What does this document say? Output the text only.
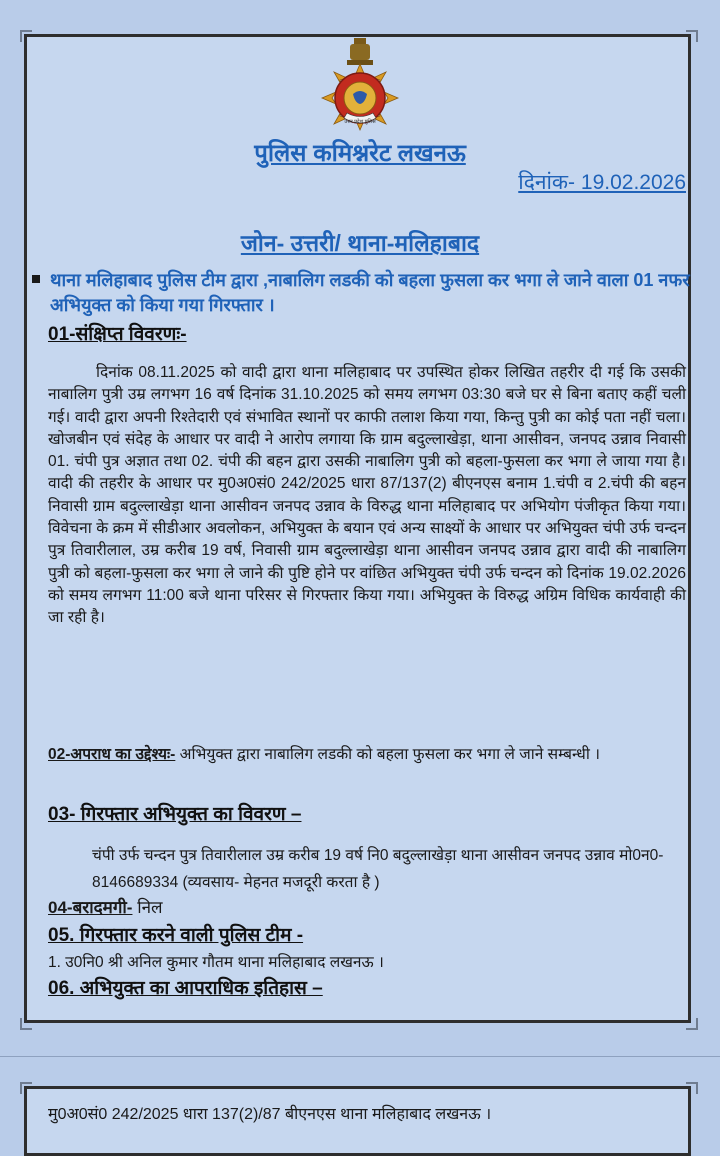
उत्तर प्रदेश पुलिस
पुलिस कमिश्नरेट लखनऊ
दिनांक- 19.02.2026
जोन- उत्तरी/ थाना-मलिहाबाद
थाना मलिहाबाद पुलिस टीम द्वारा ,नाबालिग लडकी को बहला फुसला कर भगा ले जाने वाला 01 नफर अभियुक्त को किया गया गिरफ्तार ।
01-संक्षिप्त विवरणः-
दिनांक 08.11.2025 को वादी द्वारा थाना मलिहाबाद पर उपस्थित होकर लिखित तहरीर दी गई कि उसकी नाबालिग पुत्री उम्र लगभग 16 वर्ष दिनांक 31.10.2025 को समय लगभग 03:30 बजे घर से बिना बताए कहीं चली गई। वादी द्वारा अपनी रिश्तेदारी एवं संभावित स्थानों पर काफी तलाश किया गया, किन्तु पुत्री का कोई पता नहीं चला। खोजबीन एवं संदेह के आधार पर वादी ने आरोप लगाया कि ग्राम बदुल्लाखेड़ा, थाना आसीवन, जनपद उन्नाव निवासी 01. चंपी पुत्र अज्ञात तथा 02. चंपी की बहन द्वारा उसकी नाबालिग पुत्री को बहला-फुसला कर भगा ले जाया गया है। वादी की तहरीर के आधार पर मु0अ0सं0 242/2025 धारा 87/137(2) बीएनएस बनाम 1.चंपी व 2.चंपी की बहन निवासी ग्राम बदुल्लाखेड़ा थाना आसीवन जनपद उन्नाव के विरुद्ध थाना मलिहाबाद पर अभियोग पंजीकृत किया गया। विवेचना के क्रम में सीडीआर अवलोकन, अभियुक्त के बयान एवं अन्य साक्ष्यों के आधार पर अभियुक्त चंपी उर्फ चन्दन पुत्र तिवारीलाल, उम्र करीब 19 वर्ष, निवासी ग्राम बदुल्लाखेड़ा थाना आसीवन जनपद उन्नाव द्वारा वादी की नाबालिग पुत्री को बहला-फुसला कर भगा ले जाने की पुष्टि होने पर वांछित अभियुक्त चंपी उर्फ चन्दन को दिनांक 19.02.2026 को समय लगभग 11:00 बजे थाना परिसर से गिरफ्तार किया गया। अभियुक्त के विरुद्ध अग्रिम विधिक कार्यवाही की जा रही है।
02-अपराध का उद्देश्यः- अभियुक्त द्वारा नाबालिग लडकी को बहला फुसला कर भगा ले जाने सम्बन्धी ।
03- गिरफ्तार अभियुक्त का विवरण –
चंपी उर्फ चन्दन पुत्र तिवारीलाल उम्र करीब 19 वर्ष नि0 बदुल्लाखेड़ा थाना आसीवन जनपद उन्नाव मो0न0- 8146689334 (व्यवसाय- मेहनत मजदूरी करता है )
04-बरादमगी- निल
05. गिरफ्तार करने वाली पुलिस टीम -
1. उ0नि0 श्री अनिल कुमार गौतम थाना मलिहाबाद लखनऊ ।
06. अभियुक्त का आपराधिक इतिहास –
मु0अ0सं0 242/2025 धारा 137(2)/87 बीएनएस थाना मलिहाबाद लखनऊ ।
